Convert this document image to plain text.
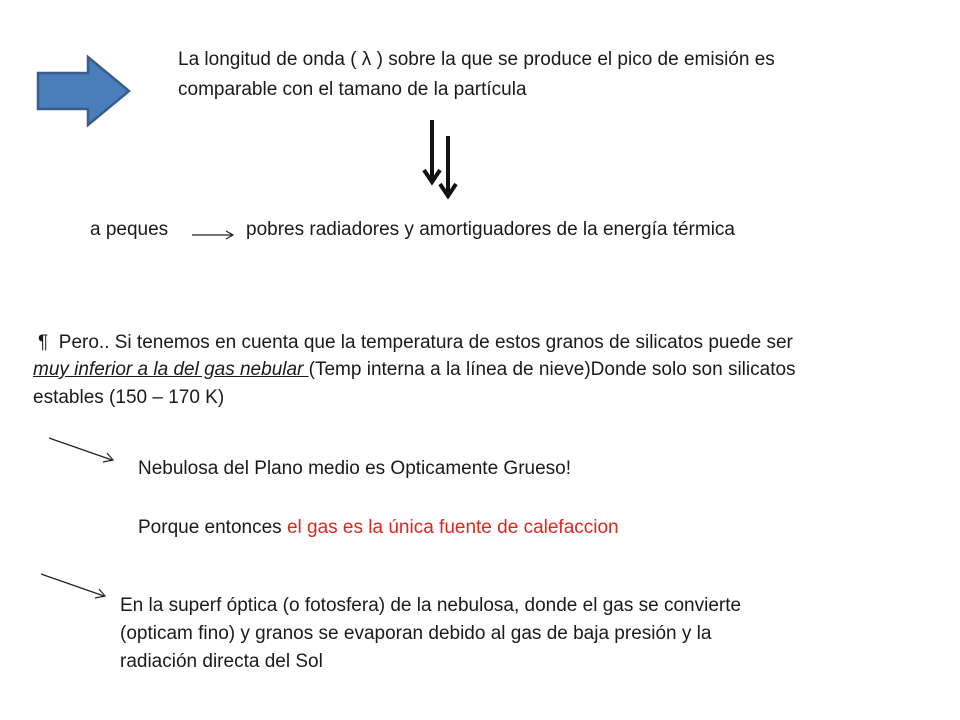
La longitud de onda ( λ ) sobre la que se produce el pico de emisión es
comparable con el tamano de la partícula
a peques	pobres radiadores y amortiguadores de la energía térmica
¶ Pero.. Si tenemos en cuenta que la temperatura de estos granos de silicatos puede ser
muy inferior a la del gas nebular (Temp interna a la línea de nieve)Donde solo son silicatos
estables (150 – 170 K)
Nebulosa del Plano medio es Opticamente Grueso!
Porque entonces el gas es la única fuente de calefaccion
En la superf óptica (o fotosfera) de la nebulosa, donde el gas se convierte
(opticam fino) y granos se evaporan debido al gas de baja presión y la
radiación directa del Sol
